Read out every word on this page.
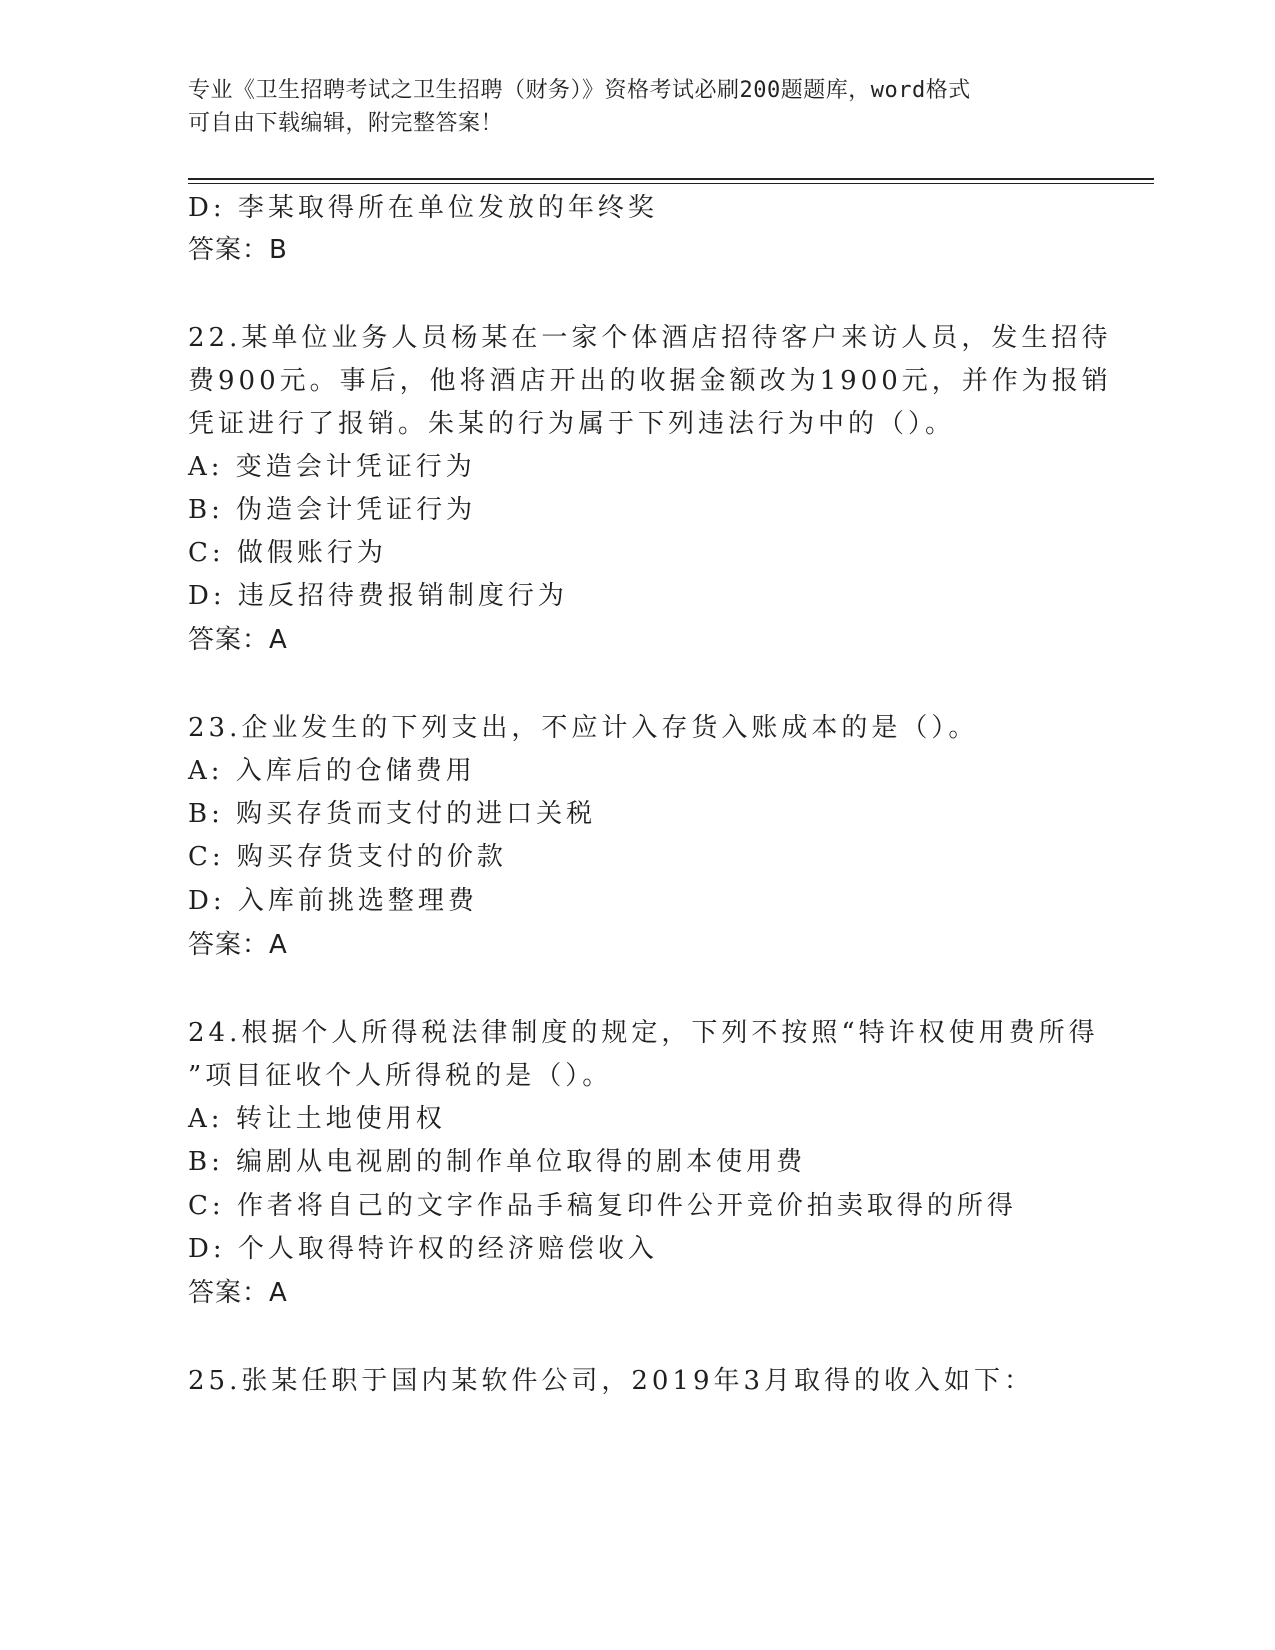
专业《卫生招聘考试之卫生招聘（财务）》资格考试必刷200题题库，word格式
可自由下载编辑，附完整答案！
D: 李某取得所在单位发放的年终奖
答案：B
22.某单位业务人员杨某在一家个体酒店招待客户来访人员，发生招待
费900元。事后，他将酒店开出的收据金额改为1900元，并作为报销
凭证进行了报销。朱某的行为属于下列违法行为中的（）。
A: 变造会计凭证行为
B: 伪造会计凭证行为
C: 做假账行为
D: 违反招待费报销制度行为
答案：A
23.企业发生的下列支出，不应计入存货入账成本的是（）。
A: 入库后的仓储费用
B: 购买存货而支付的进口关税
C: 购买存货支付的价款
D: 入库前挑选整理费
答案：A
24.根据个人所得税法律制度的规定，下列不按照“特许权使用费所得
”项目征收个人所得税的是（）。
A: 转让土地使用权
B: 编剧从电视剧的制作单位取得的剧本使用费
C: 作者将自己的文字作品手稿复印件公开竞价拍卖取得的所得
D: 个人取得特许权的经济赔偿收入
答案：A
25.张某任职于国内某软件公司，2019年3月取得的收入如下：
